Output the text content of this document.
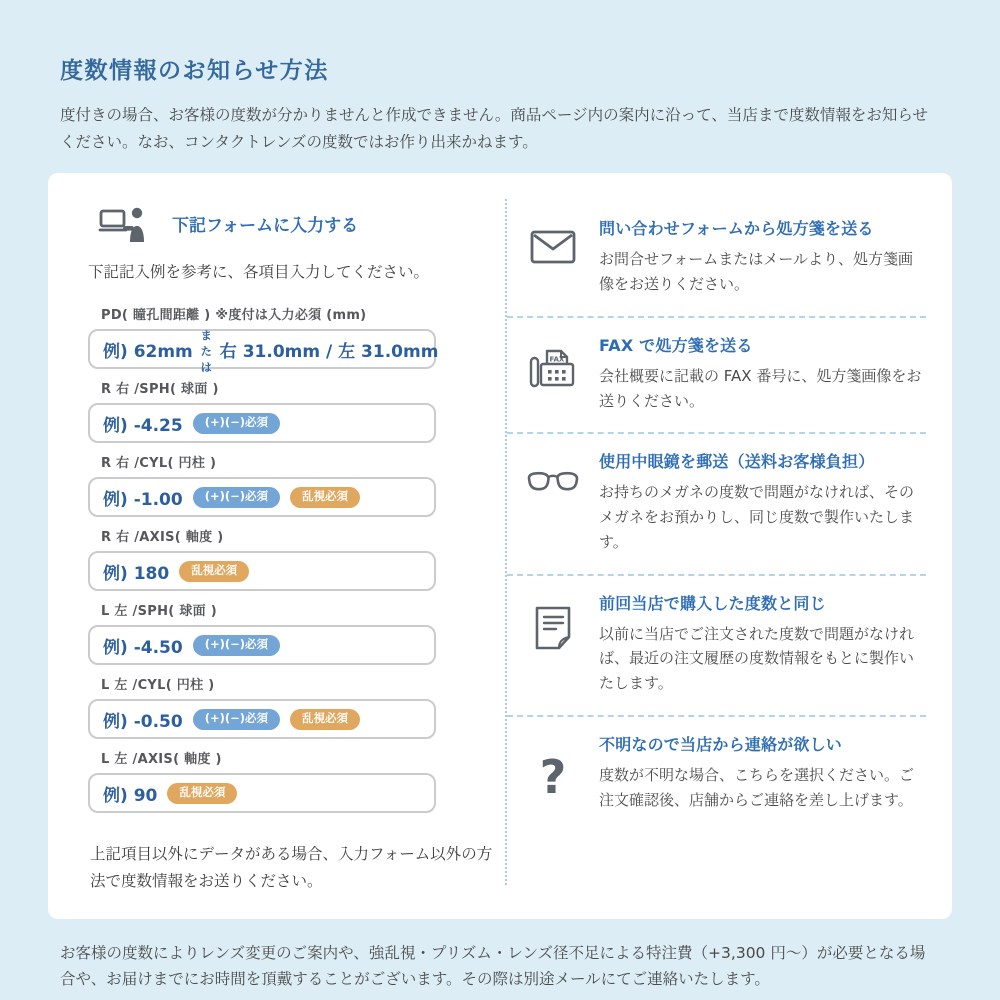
度数情報のお知らせ方法

度付きの場合、お客様の度数が分かりませんと作成できません。商品ページ内の案内に沿って、当店まで度数情報をお知らせください。なお、コンタクトレンズの度数ではお作り出来かねます。

下記フォームに入力する

下記記入例を参考に、各項目入力してください。

PD( 瞳孔間距離 ) ※度付は入力必須 (mm)
例) 62mm
または
右 31.0mm / 左 31.0mm
R 右 /SPH( 球面 )
例) -4.25	(+)(−)必須
R 右 /CYL( 円柱 )
例) -1.00	(+)(−)必須	乱視必須
R 右 /AXIS( 軸度 )
例) 180	乱視必須
L 左 /SPH( 球面 )
例) -4.50	(+)(−)必須
L 左 /CYL( 円柱 )
例) -0.50	(+)(−)必須	乱視必須
L 左 /AXIS( 軸度 )
例) 90	乱視必須

上記項目以外にデータがある場合、入力フォーム以外の方法で度数情報をお送りください。

問い合わせフォームから処方箋を送る
お問合せフォームまたはメールより、処方箋画像をお送りください。
FAX
FAX で処方箋を送る
会社概要に記載の FAX 番号に、処方箋画像をお送りください。
使用中眼鏡を郵送（送料お客様負担）
お持ちのメガネの度数で問題がなければ、そのメガネをお預かりし、同じ度数で製作いたします。
前回当店で購入した度数と同じ
以前に当店でご注文された度数で問題がなければ、最近の注文履歴の度数情報をもとに製作いたします。
?
不明なので当店から連絡が欲しい
度数が不明な場合、こちらを選択ください。ご注文確認後、店舗からご連絡を差し上げます。

お客様の度数によりレンズ変更のご案内や、強乱視・プリズム・レンズ径不足による特注費（+3,300 円〜）が必要となる場合や、お届けまでにお時間を頂戴することがございます。その際は別途メールにてご連絡いたします。
